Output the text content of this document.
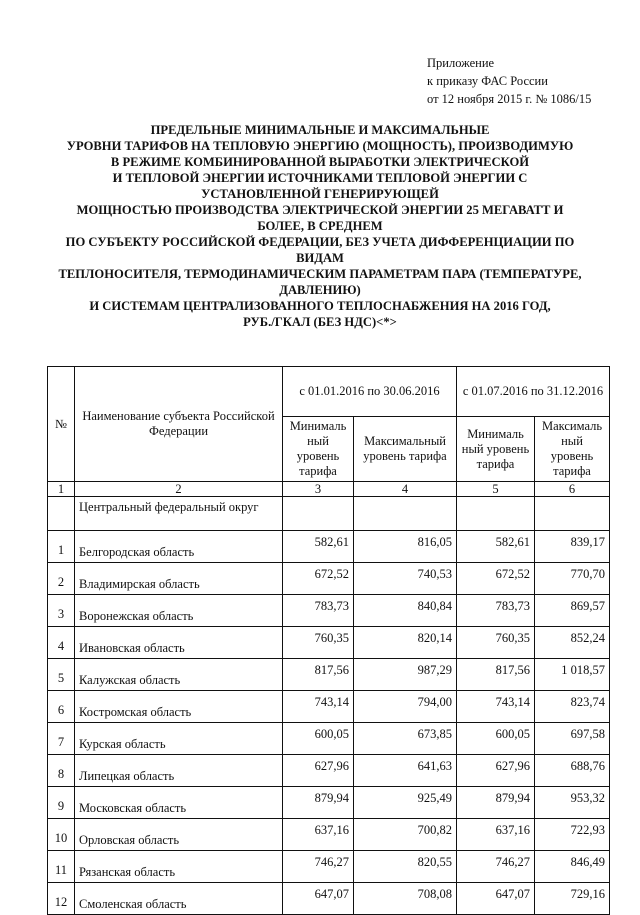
Приложение
к приказу ФАС России
от 12 ноября 2015 г. № 1086/15
ПРЕДЕЛЬНЫЕ МИНИМАЛЬНЫЕ И МАКСИМАЛЬНЫЕ
УРОВНИ ТАРИФОВ НА ТЕПЛОВУЮ ЭНЕРГИЮ (МОЩНОСТЬ), ПРОИЗВОДИМУЮ
В РЕЖИМЕ КОМБИНИРОВАННОЙ ВЫРАБОТКИ ЭЛЕКТРИЧЕСКОЙ
И ТЕПЛОВОЙ ЭНЕРГИИ ИСТОЧНИКАМИ ТЕПЛОВОЙ ЭНЕРГИИ С
УСТАНОВЛЕННОЙ ГЕНЕРИРУЮЩЕЙ
МОЩНОСТЬЮ ПРОИЗВОДСТВА ЭЛЕКТРИЧЕСКОЙ ЭНЕРГИИ 25 МЕГАВАТТ И
БОЛЕЕ, В СРЕДНЕМ
ПО СУБЪЕКТУ РОССИЙСКОЙ ФЕДЕРАЦИИ, БЕЗ УЧЕТА ДИФФЕРЕНЦИАЦИИ ПО
ВИДАМ
ТЕПЛОНОСИТЕЛЯ, ТЕРМОДИНАМИЧЕСКИМ ПАРАМЕТРАМ ПАРА (ТЕМПЕРАТУРЕ,
ДАВЛЕНИЮ)
И СИСТЕМАМ ЦЕНТРАЛИЗОВАННОГО ТЕПЛОСНАБЖЕНИЯ НА 2016 ГОД,
РУБ./ГКАЛ (БЕЗ НДС)<*>
№	Наименование субъекта Российской Федерации	с 01.01.2016 по 30.06.2016		с 01.07.2016 по 31.12.2016	
		Минималь ный уровень тарифа	Максимальный уровень тарифа	Минималь ный уровень тарифа	Максималь ный уровень тарифа
1	2	3	4	5	6
	Центральный федеральный округ				
1	Белгородская область	582,61	816,05	582,61	839,17
2	Владимирская область	672,52	740,53	672,52	770,70
3	Воронежская область	783,73	840,84	783,73	869,57
4	Ивановская область	760,35	820,14	760,35	852,24
5	Калужская область	817,56	987,29	817,56	1 018,57
6	Костромская область	743,14	794,00	743,14	823,74
7	Курская область	600,05	673,85	600,05	697,58
8	Липецкая область	627,96	641,63	627,96	688,76
9	Московская область	879,94	925,49	879,94	953,32
10	Орловская область	637,16	700,82	637,16	722,93
11	Рязанская область	746,27	820,55	746,27	846,49
12	Смоленская область	647,07	708,08	647,07	729,16
